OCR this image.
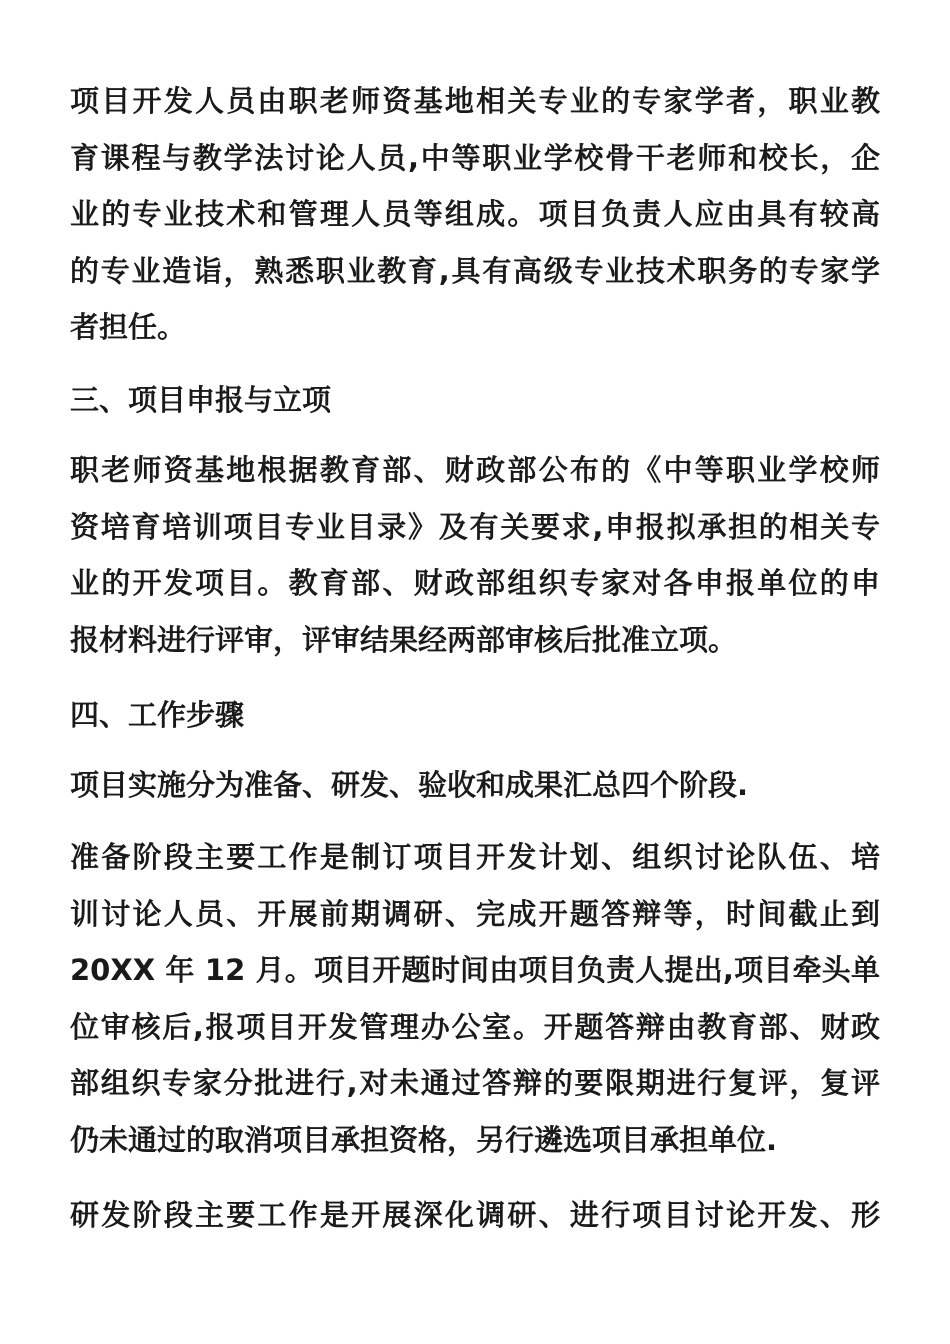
项目开发人员由职老师资基地相关专业的专家学者，职业教
育课程与教学法讨论人员,中等职业学校骨干老师和校长，企
业的专业技术和管理人员等组成。项目负责人应由具有较高
的专业造诣，熟悉职业教育,具有高级专业技术职务的专家学
者担任。
三、项目申报与立项
职老师资基地根据教育部、财政部公布的《中等职业学校师
资培育培训项目专业目录》及有关要求,申报拟承担的相关专
业的开发项目。教育部、财政部组织专家对各申报单位的申
报材料进行评审，评审结果经两部审核后批准立项。
四、工作步骤
项目实施分为准备、研发、验收和成果汇总四个阶段.
准备阶段主要工作是制订项目开发计划、组织讨论队伍、培
训讨论人员、开展前期调研、完成开题答辩等，时间截止到
20XX 年 12 月。项目开题时间由项目负责人提出,项目牵头单
位审核后,报项目开发管理办公室。开题答辩由教育部、财政
部组织专家分批进行,对未通过答辩的要限期进行复评，复评
仍未通过的取消项目承担资格，另行遴选项目承担单位.
研发阶段主要工作是开展深化调研、进行项目讨论开发、形
